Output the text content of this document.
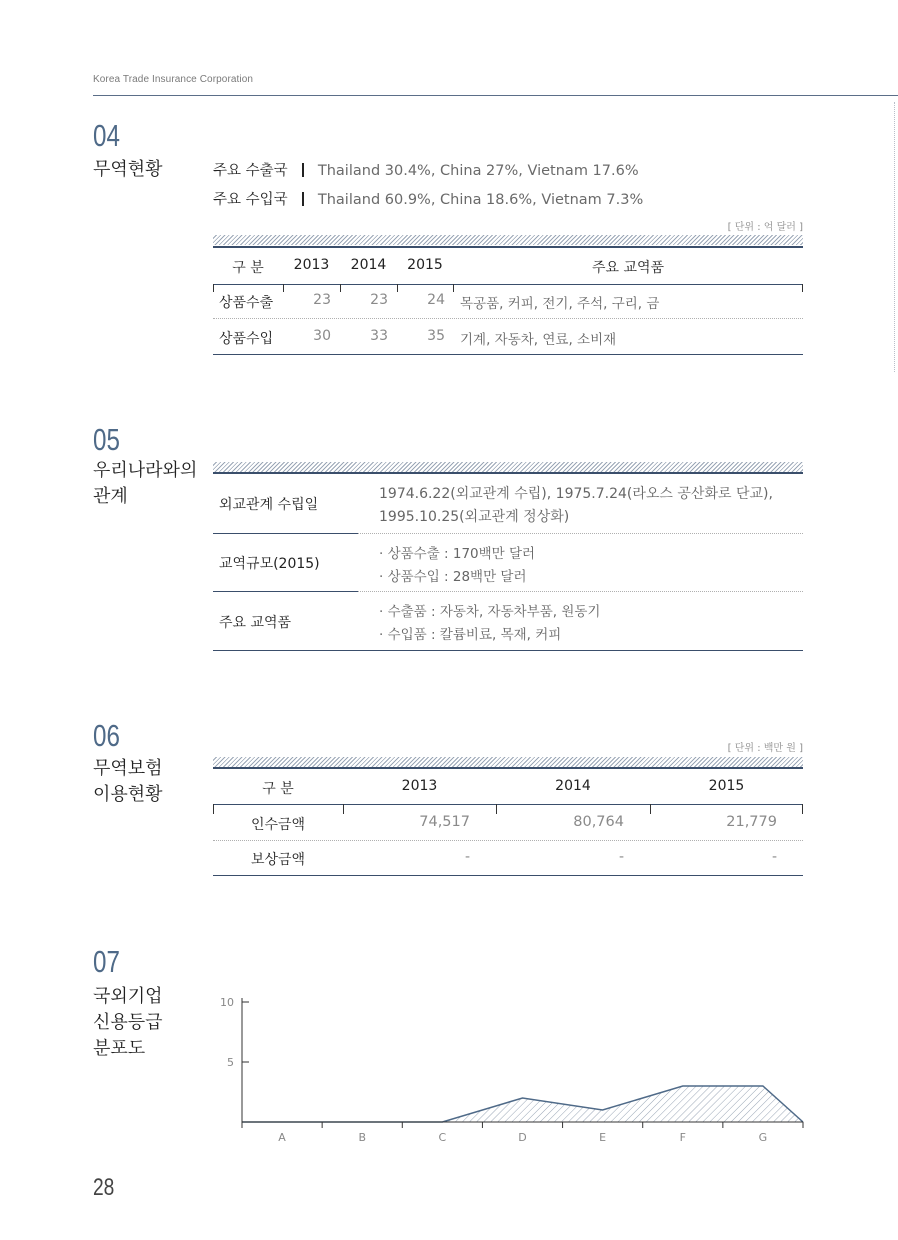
Korea Trade Insurance Corporation
04
무역현황	주요 수출국 Thailand 30.4%, China 27%, Vietnam 17.6%
주요 수입국 Thailand 60.9%, China 18.6%, Vietnam 7.3%
[ 단위 : 억 달러 ]
구 분	2013	2014	2015	주요 교역품
상품수출	23	23	24 목공품, 커피, 전기, 주석, 구리, 금
상품수입	30	33	35 기계, 자동차, 연료, 소비재
05
우리나라와의
관계	외교관계 수립일
1974.6.22(외교관계 수립), 1975.7.24(라오스 공산화로 단교),
1995.10.25(외교관계 정상화)
교역규모(2015)
· 상품수출 : 170백만 달러
· 상품수입 : 28백만 달러
주요 교역품
· 수출품 : 자동차, 자동차부품, 원동기
· 수입품 : 칼륨비료, 목재, 커피
06
무역보험
이용현황
[ 단위 : 백만 원 ]
구 분	2013	2014	2015
인수금액	74,517	80,764	21,779
보상금액	-	-	-
07
국외기업
신용등급
분포도
5
10
A	B	C	D	E	F	G
28
